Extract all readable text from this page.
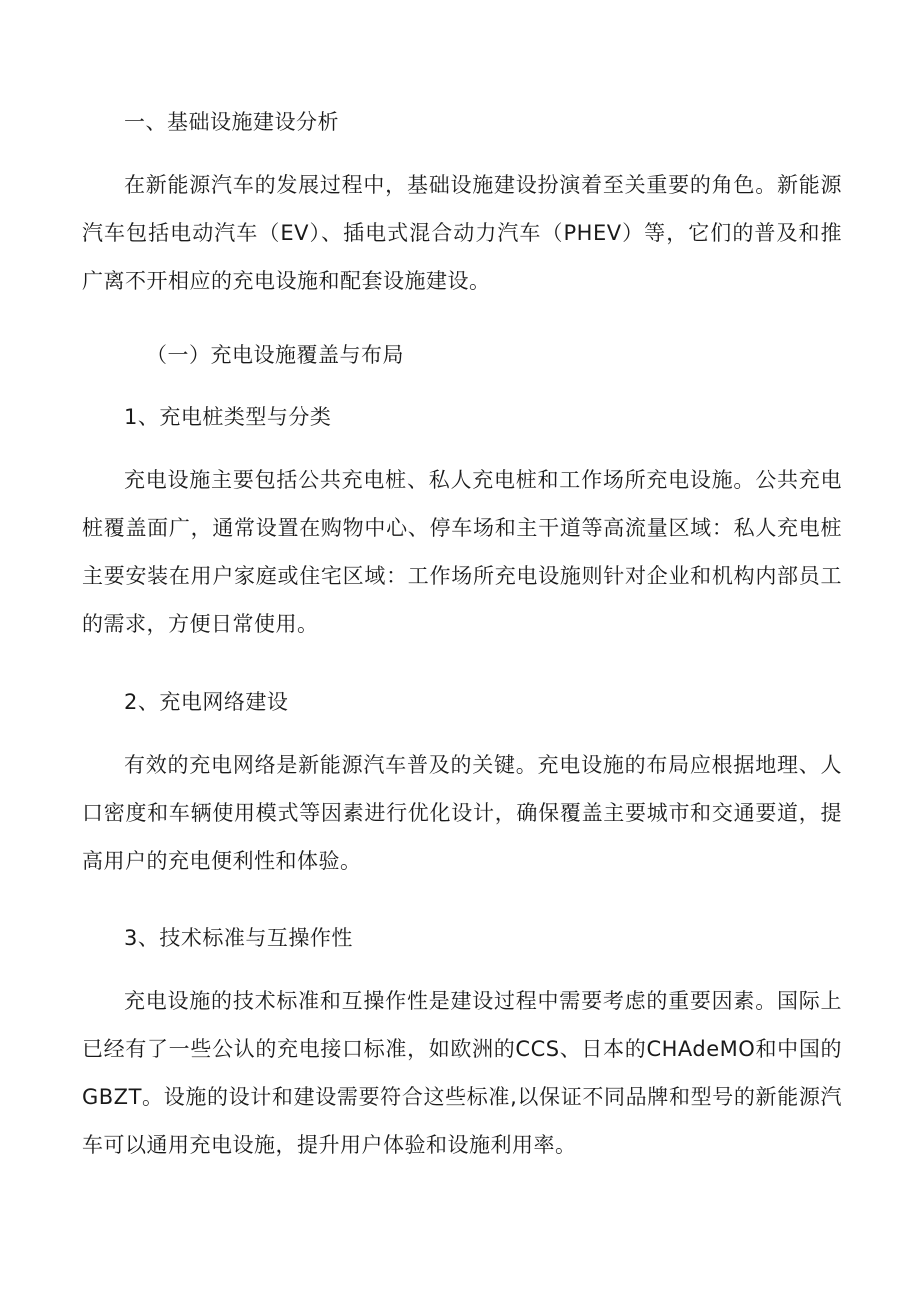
一、基础设施建设分析

在新能源汽车的发展过程中，基础设施建设扮演着至关重要的角色。新能源汽车包括电动汽车（EV）、插电式混合动力汽车（PHEV）等，它们的普及和推广离不开相应的充电设施和配套设施建设。

（一）充电设施覆盖与布局
1、充电桩类型与分类

充电设施主要包括公共充电桩、私人充电桩和工作场所充电设施。公共充电桩覆盖面广，通常设置在购物中心、停车场和主干道等高流量区域：私人充电桩主要安装在用户家庭或住宅区域：工作场所充电设施则针对企业和机构内部员工的需求，方便日常使用。

2、充电网络建设

有效的充电网络是新能源汽车普及的关键。充电设施的布局应根据地理、人口密度和车辆使用模式等因素进行优化设计，确保覆盖主要城市和交通要道，提高用户的充电便利性和体验。

3、技术标准与互操作性

充电设施的技术标准和互操作性是建设过程中需要考虑的重要因素。国际上已经有了一些公认的充电接口标准，如欧洲的CCS、日本的CHAdeMO和中国的GBZT。设施的设计和建设需要符合这些标准,以保证不同品牌和型号的新能源汽车可以通用充电设施，提升用户体验和设施利用率。
